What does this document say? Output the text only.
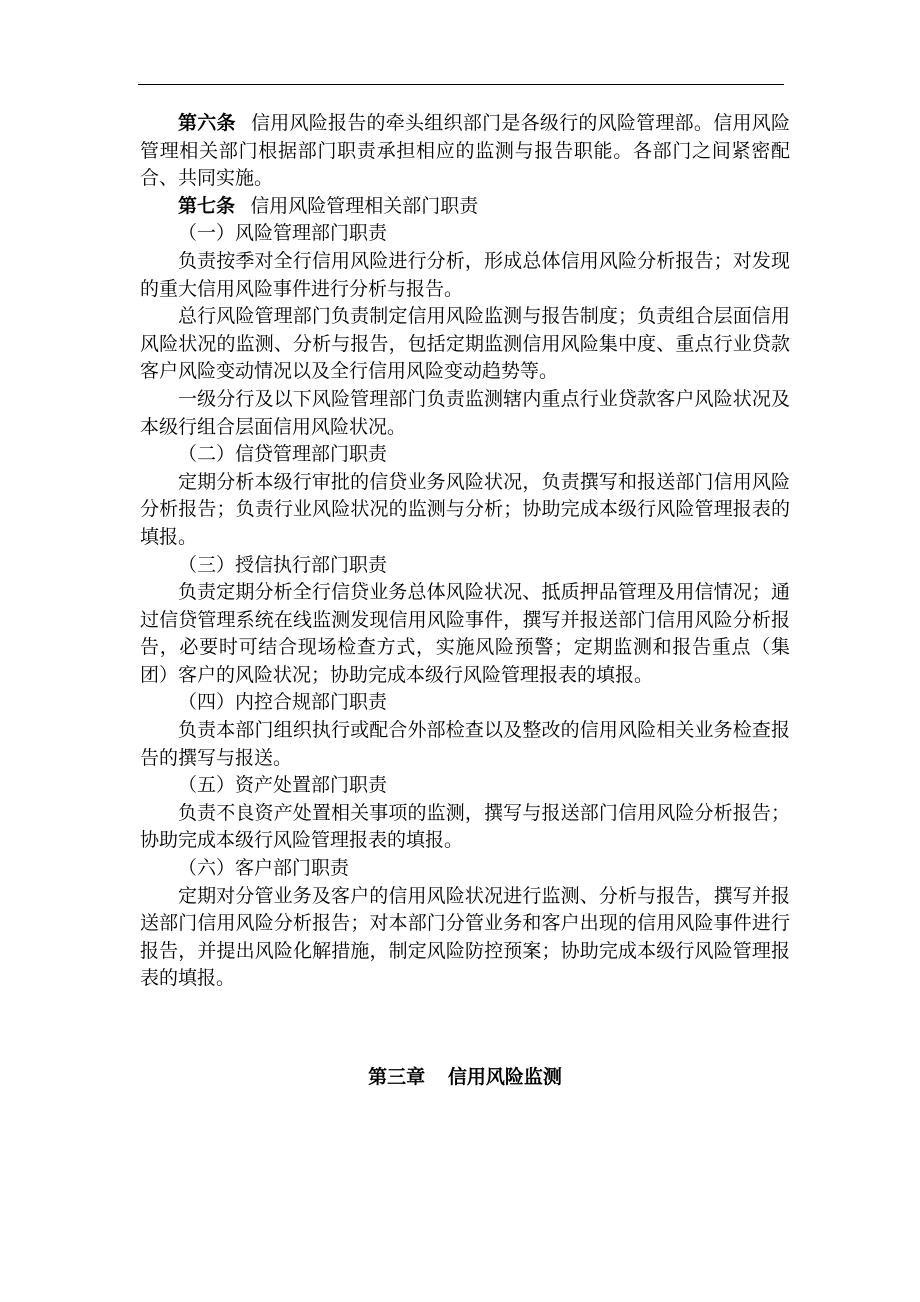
第六条 信用风险报告的牵头组织部门是各级行的风险管理部。信用风险管理相关部门根据部门职责承担相应的监测与报告职能。各部门之间紧密配合、共同实施。

第七条 信用风险管理相关部门职责

（一）风险管理部门职责

负责按季对全行信用风险进行分析，形成总体信用风险分析报告；对发现的重大信用风险事件进行分析与报告。

总行风险管理部门负责制定信用风险监测与报告制度；负责组合层面信用风险状况的监测、分析与报告，包括定期监测信用风险集中度、重点行业贷款客户风险变动情况以及全行信用风险变动趋势等。

一级分行及以下风险管理部门负责监测辖内重点行业贷款客户风险状况及本级行组合层面信用风险状况。

（二）信贷管理部门职责

定期分析本级行审批的信贷业务风险状况，负责撰写和报送部门信用风险分析报告；负责行业风险状况的监测与分析；协助完成本级行风险管理报表的填报。

（三）授信执行部门职责

负责定期分析全行信贷业务总体风险状况、抵质押品管理及用信情况；通过信贷管理系统在线监测发现信用风险事件，撰写并报送部门信用风险分析报告，必要时可结合现场检查方式，实施风险预警；定期监测和报告重点（集团）客户的风险状况；协助完成本级行风险管理报表的填报。

（四）内控合规部门职责

负责本部门组织执行或配合外部检查以及整改的信用风险相关业务检查报告的撰写与报送。

（五）资产处置部门职责

负责不良资产处置相关事项的监测，撰写与报送部门信用风险分析报告；协助完成本级行风险管理报表的填报。

（六）客户部门职责

定期对分管业务及客户的信用风险状况进行监测、分析与报告，撰写并报送部门信用风险分析报告；对本部门分管业务和客户出现的信用风险事件进行报告，并提出风险化解措施，制定风险防控预案；协助完成本级行风险管理报表的填报。

第三章 信用风险监测
